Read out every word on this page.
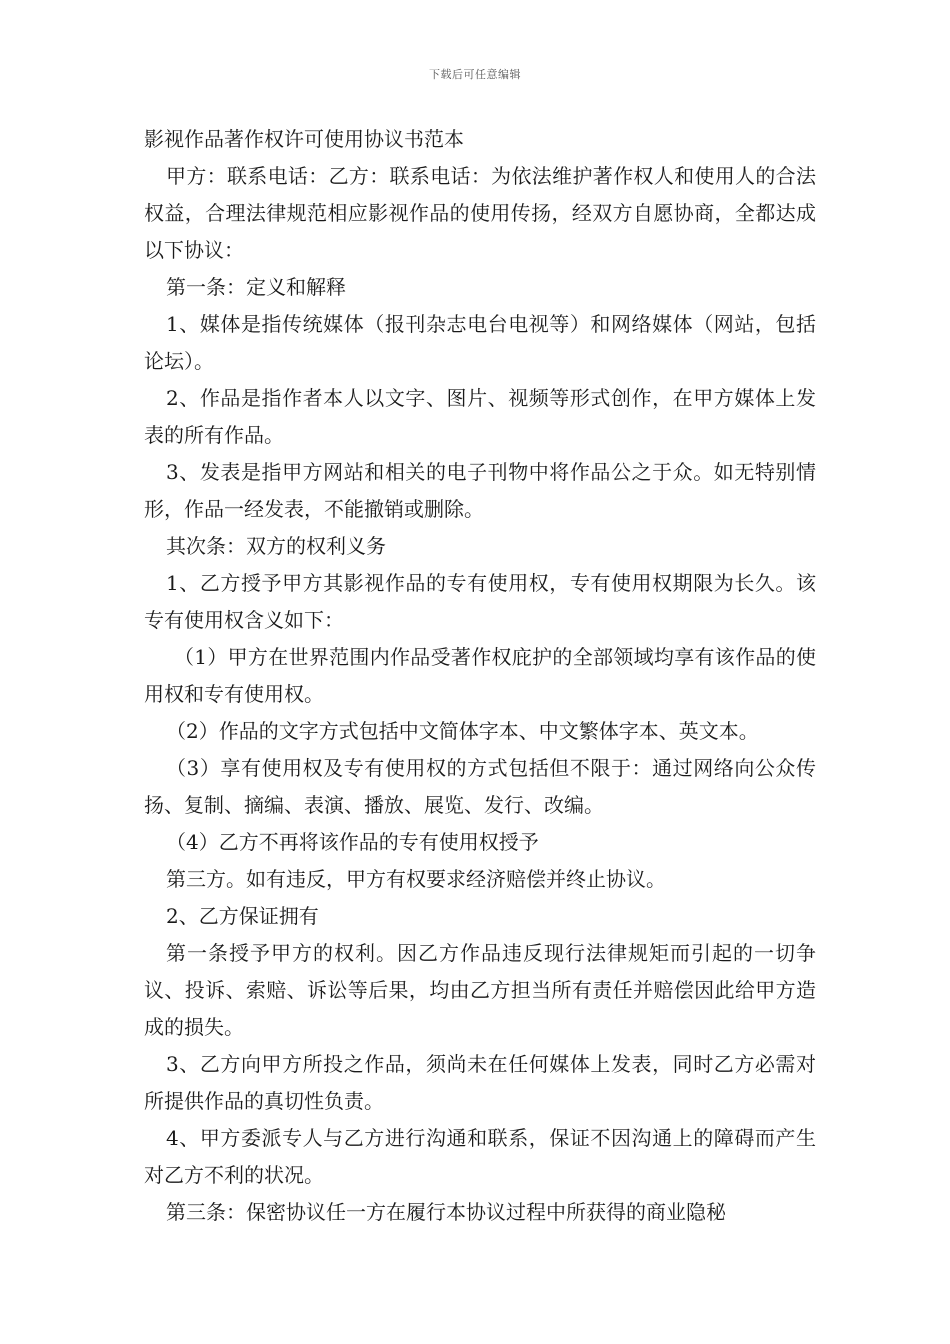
下载后可任意编辑
影视作品著作权许可使用协议书范本

甲方：联系电话：乙方：联系电话：为依法维护著作权人和使用人的合法权益，合理法律规范相应影视作品的使用传扬，经双方自愿协商，全都达成以下协议：

第一条：定义和解释

1、媒体是指传统媒体（报刊杂志电台电视等）和网络媒体（网站，包括论坛）。

2、作品是指作者本人以文字、图片、视频等形式创作，在甲方媒体上发表的所有作品。

3、发表是指甲方网站和相关的电子刊物中将作品公之于众。如无特别情形，作品一经发表，不能撤销或删除。

其次条：双方的权利义务

1、乙方授予甲方其影视作品的专有使用权，专有使用权期限为长久。该专有使用权含义如下：

（1）甲方在世界范围内作品受著作权庇护的全部领域均享有该作品的使用权和专有使用权。

（2）作品的文字方式包括中文简体字本、中文繁体字本、英文本。

（3）享有使用权及专有使用权的方式包括但不限于：通过网络向公众传扬、复制、摘编、表演、播放、展览、发行、改编。

（4）乙方不再将该作品的专有使用权授予

第三方。如有违反，甲方有权要求经济赔偿并终止协议。

2、乙方保证拥有

第一条授予甲方的权利。因乙方作品违反现行法律规矩而引起的一切争议、投诉、索赔、诉讼等后果，均由乙方担当所有责任并赔偿因此给甲方造成的损失。

3、乙方向甲方所投之作品，须尚未在任何媒体上发表，同时乙方必需对所提供作品的真切性负责。

4、甲方委派专人与乙方进行沟通和联系，保证不因沟通上的障碍而产生对乙方不利的状况。

第三条：保密协议任一方在履行本协议过程中所获得的商业隐秘
